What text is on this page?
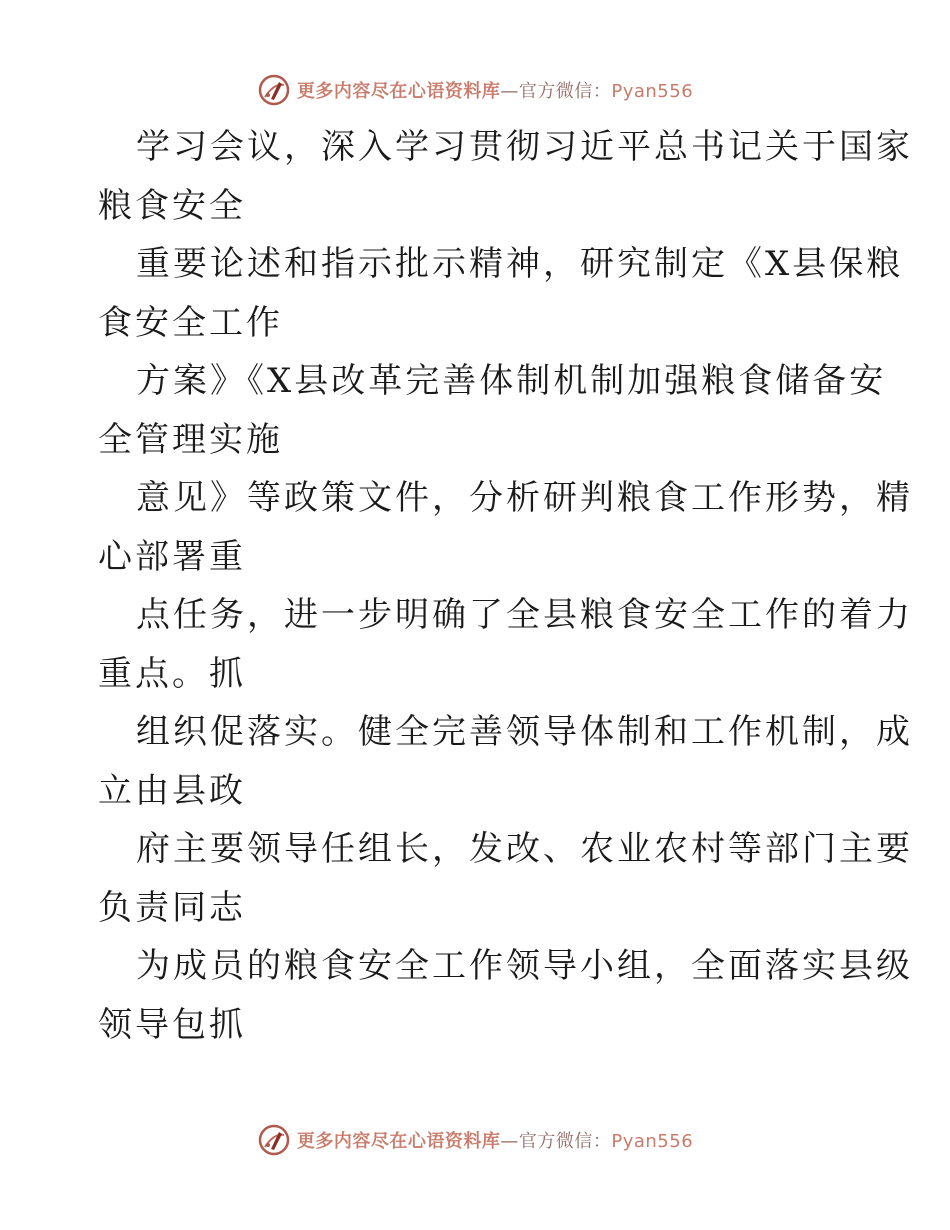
更多内容尽在心语资料库—官方微信：Pyan556
学习会议，深入学习贯彻习近平总书记关于国家
粮食安全
重要论述和指示批示精神，研究制定《X县保粮
食安全工作
方案》《X县改革完善体制机制加强粮食储备安
全管理实施
意见》等政策文件，分析研判粮食工作形势，精
心部署重
点任务，进一步明确了全县粮食安全工作的着力
重点。抓
组织促落实。健全完善领导体制和工作机制，成
立由县政
府主要领导任组长，发改、农业农村等部门主要
负责同志
为成员的粮食安全工作领导小组，全面落实县级
领导包抓
更多内容尽在心语资料库—官方微信：Pyan556
